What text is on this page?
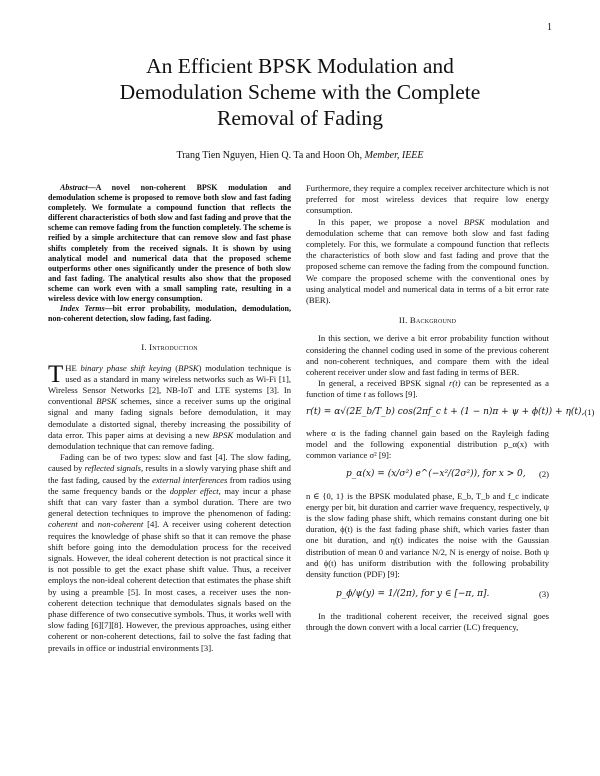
1
An Efficient BPSK Modulation and
Demodulation Scheme with the Complete
Removal of Fading
Trang Tien Nguyen, Hien Q. Ta and Hoon Oh, Member, IEEE

Abstract—A novel non-coherent BPSK modulation and demodulation scheme is proposed to remove both slow and fast fading completely. We formulate a compound function that reflects the different characteristics of both slow and fast fading and prove that the scheme can remove fading from the function completely. The scheme is reified by a simple architecture that can remove slow and fast phase shifts completely from the received signals. It is shown by using analytical model and numerical data that the proposed scheme outperforms other ones significantly under the presence of both slow and fast fading. The analytical results also show that the proposed scheme can work even with a small sampling rate, resulting in a wireless device with low energy consumption.

Index Terms—bit error probability, modulation, demodulation, non-coherent detection, slow fading, fast fading.

I. Introduction

THE binary phase shift keying (BPSK) modulation technique is used as a standard in many wireless networks such as Wi-Fi [1], Wireless Sensor Networks [2], NB-IoT and LTE systems [3]. In conventional BPSK schemes, since a receiver sums up the original signal and many fading signals before demodulation, it may demodulate a distorted signal, thereby increasing the possibility of data error. This paper aims at devising a new BPSK modulation and demodulation technique that can remove fading.

Fading can be of two types: slow and fast [4]. The slow fading, caused by reflected signals, results in a slowly varying phase shift and the fast fading, caused by the external interferences from radios using the same frequency bands or the doppler effect, may incur a phase shift that can vary faster than a symbol duration. There are two general detection techniques to improve the phenomenon of fading: coherent and non-coherent [4]. A receiver using coherent detection requires the knowledge of phase shift so that it can remove the phase shift before going into the demodulation process for the received signals. However, the ideal coherent detection is not practical since it is not possible to get the exact phase shift value. Thus, a receiver employs the non-ideal coherent detection that estimates the phase shift by using a preamble [5]. In most cases, a receiver uses the non-coherent detection technique that demodulates signals based on the phase difference of two consecutive symbols. Thus, it works well with slow fading [6][7][8]. However, the previous approaches, using either coherent or non-coherent detections, fail to solve the fast fading that prevails in office or industrial environments [3].

Furthermore, they require a complex receiver architecture which is not preferred for most wireless devices that require low energy consumption.

In this paper, we propose a novel BPSK modulation and demodulation scheme that can remove both slow and fast fading completely. For this, we formulate a compound function that reflects the characteristics of both slow and fast fading and prove that the proposed scheme can remove the fading from the compound function. We compare the proposed scheme with the conventional ones by using analytical model and numerical data in terms of a bit error rate (BER).

II. Background

In this section, we derive a bit error probability function without considering the channel coding used in some of the previous coherent and non-coherent techniques, and compare them with the ideal coherent receiver under slow and fast fading in terms of BER.

In general, a received BPSK signal r(t) can be represented as a function of time t as follows [9].

r(t) = α√(2E_b/T_b) cos(2πf_c t + (1 − n)π + ψ + ϕ(t)) + η(t), (1)

where α is the fading channel gain based on the Rayleigh fading model and the following exponential distribution p_α(x) with common variance σ² [9]:

p_α(x) = (x/σ²) e^(−x²/(2σ²)), for x > 0, (2)

n ∈ {0, 1} is the BPSK modulated phase, E_b, T_b and f_c indicate energy per bit, bit duration and carrier wave frequency, respectively, ψ is the slow fading phase shift, which remains constant during one bit duration, ϕ(t) is the fast fading phase shift, which varies faster than one bit duration, and η(t) indicates the noise with the Gaussian distribution of mean 0 and variance N/2, N is energy of noise. Both ψ and ϕ(t) has uniform distribution with the following probability density function (PDF) [9]:

p_ϕ/ψ(y) = 1/(2π), for y ∈ [−π, π].	(3)

In the traditional coherent receiver, the received signal goes through the down convert with a local carrier (LC) frequency,
